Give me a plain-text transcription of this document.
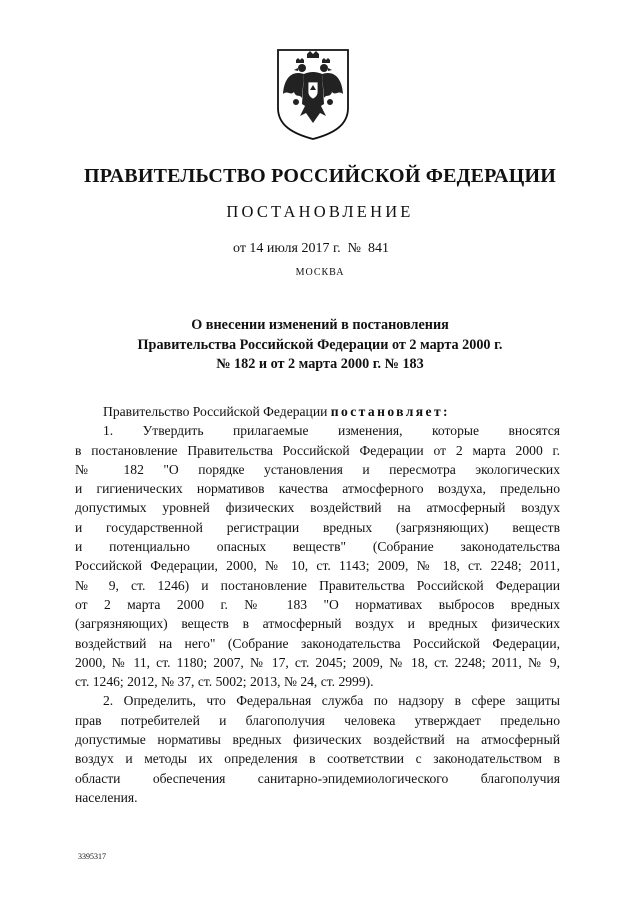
ПРАВИТЕЛЬСТВО РОССИЙСКОЙ ФЕДЕРАЦИИ
ПОСТАНОВЛЕНИЕ
от 14 июля 2017 г.  №  841
МОСКВА
О внесении изменений в постановления
Правительства Российской Федерации от 2 марта 2000 г.
№ 182 и от 2 марта 2000 г. № 183
Правительство Российской Федерации постановляет:
1. Утвердить прилагаемые изменения, которые вносятся
в постановление Правительства Российской Федерации от 2 марта 2000 г.
№ 182 "О порядке установления и пересмотра экологических
и гигиенических нормативов качества атмосферного воздуха, предельно
допустимых уровней физических воздействий на атмосферный воздух
и государственной регистрации вредных (загрязняющих) веществ
и потенциально опасных веществ" (Собрание законодательства
Российской Федерации, 2000, № 10, ст. 1143; 2009, № 18, ст. 2248; 2011,
№ 9, ст. 1246) и постановление Правительства Российской Федерации
от 2 марта 2000 г. № 183 "О нормативах выбросов вредных
(загрязняющих) веществ в атмосферный воздух и вредных физических
воздействий на него" (Собрание законодательства Российской Федерации,
2000, № 11, ст. 1180; 2007, № 17, ст. 2045; 2009, № 18, ст. 2248; 2011, № 9,
ст. 1246; 2012, № 37, ст. 5002; 2013, № 24, ст. 2999).
2. Определить, что Федеральная служба по надзору в сфере защиты
прав потребителей и благополучия человека утверждает предельно
допустимые нормативы вредных физических воздействий на атмосферный
воздух и методы их определения в соответствии с законодательством в
области обеспечения санитарно-эпидемиологического благополучия
населения.
3395317
